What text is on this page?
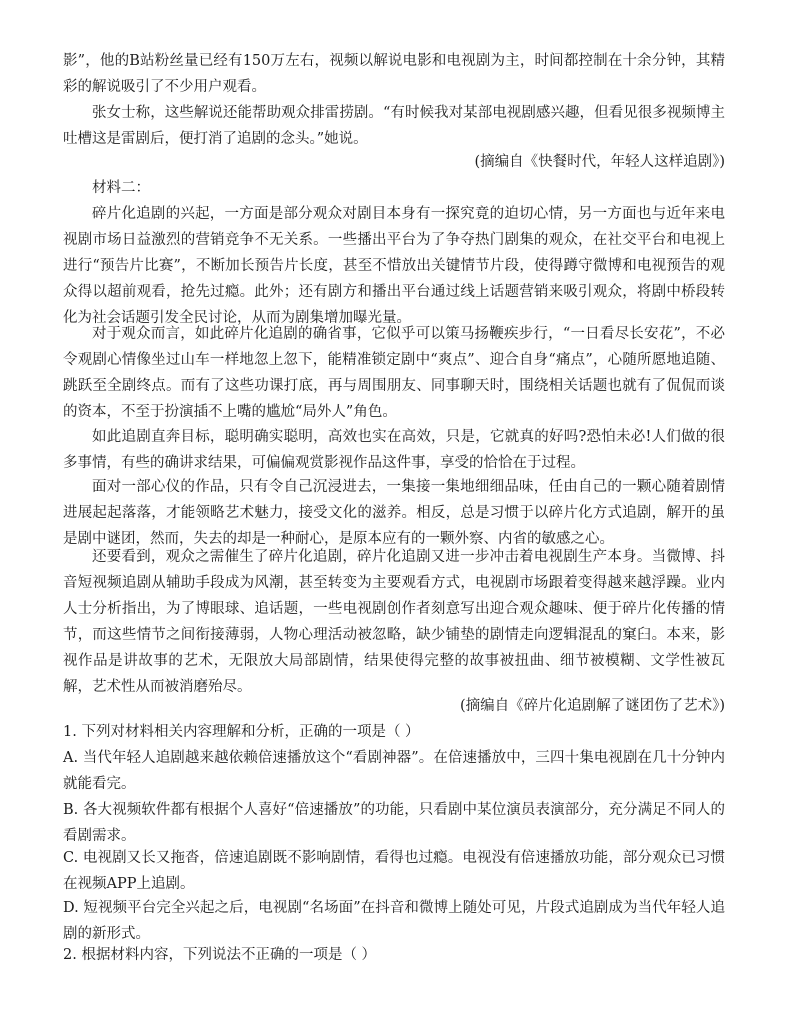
影”，他的B站粉丝量已经有150万左右，视频以解说电影和电视剧为主，时间都控制在十余分钟，其精彩的解说吸引了不少用户观看。
张女士称，这些解说还能帮助观众排雷捞剧。“有时候我对某部电视剧感兴趣，但看见很多视频博主吐槽这是雷剧后，便打消了追剧的念头。”她说。
(摘编自《快餐时代，年轻人这样追剧》)
材料二：
碎片化追剧的兴起，一方面是部分观众对剧目本身有一探究竟的迫切心情，另一方面也与近年来电视剧市场日益激烈的营销竞争不无关系。一些播出平台为了争夺热门剧集的观众，在社交平台和电视上进行“预告片比赛”，不断加长预告片长度，甚至不惜放出关键情节片段，使得蹲守微博和电视预告的观众得以超前观看，抢先过瘾。此外；还有剧方和播出平台通过线上话题营销来吸引观众，将剧中桥段转化为社会话题引发全民讨论，从而为剧集增加曝光量。
对于观众而言，如此碎片化追剧的确省事，它似乎可以策马扬鞭疾步行，“一日看尽长安花”，不必令观剧心情像坐过山车一样地忽上忽下，能精准锁定剧中“爽点”、迎合自身“痛点”，心随所愿地追随、跳跃至全剧终点。而有了这些功课打底，再与周围朋友、同事聊天时，围绕相关话题也就有了侃侃而谈的资本，不至于扮演插不上嘴的尴尬“局外人”角色。
如此追剧直奔目标，聪明确实聪明，高效也实在高效，只是，它就真的好吗?恐怕未必!人们做的很多事情，有些的确讲求结果，可偏偏观赏影视作品这件事，享受的恰恰在于过程。
面对一部心仪的作品，只有令自己沉浸进去，一集接一集地细细品味，任由自己的一颗心随着剧情进展起起落落，才能领略艺术魅力，接受文化的滋养。相反，总是习惯于以碎片化方式追剧，解开的虽是剧中谜团，然而，失去的却是一种耐心，是原本应有的一颗外察、内省的敏感之心。
还要看到，观众之需催生了碎片化追剧，碎片化追剧又进一步冲击着电视剧生产本身。当微博、抖音短视频追剧从辅助手段成为风潮，甚至转变为主要观看方式，电视剧市场跟着变得越来越浮躁。业内人士分析指出，为了博眼球、追话题，一些电视剧创作者刻意写出迎合观众趣味、便于碎片化传播的情节，而这些情节之间衔接薄弱，人物心理活动被忽略，缺少铺垫的剧情走向逻辑混乱的窠臼。本来，影视作品是讲故事的艺术，无限放大局部剧情，结果使得完整的故事被扭曲、细节被模糊、文学性被瓦解，艺术性从而被消磨殆尽。
(摘编自《碎片化追剧解了谜团伤了艺术》)
1. 下列对材料相关内容理解和分析，正确的一项是（ ）
A. 当代年轻人追剧越来越依赖倍速播放这个“看剧神器”。在倍速播放中，三四十集电视剧在几十分钟内就能看完。
B. 各大视频软件都有根据个人喜好“倍速播放”的功能，只看剧中某位演员表演部分，充分满足不同人的看剧需求。
C. 电视剧又长又拖沓，倍速追剧既不影响剧情，看得也过瘾。电视没有倍速播放功能，部分观众已习惯在视频APP上追剧。
D. 短视频平台完全兴起之后，电视剧“名场面”在抖音和微博上随处可见，片段式追剧成为当代年轻人追剧的新形式。
2. 根据材料内容，下列说法不正确的一项是（ ）
